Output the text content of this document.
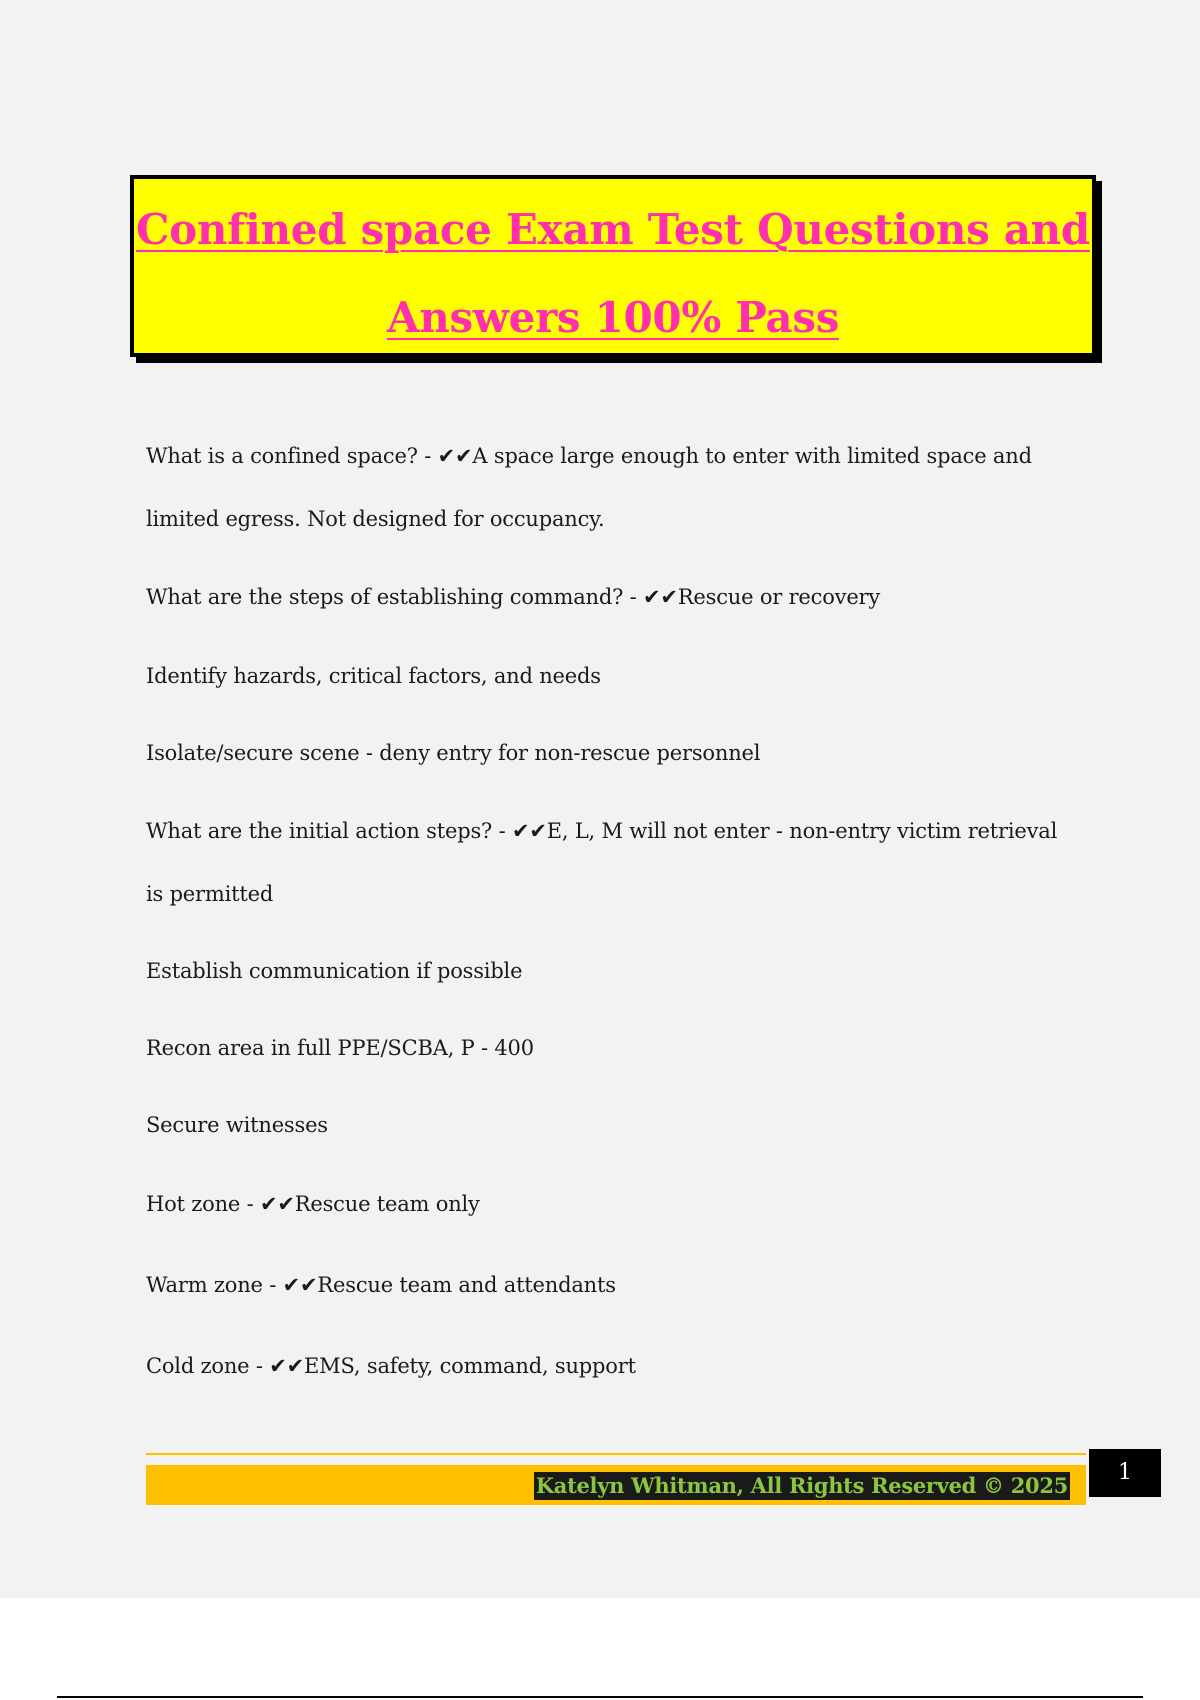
Confined space Exam Test Questions and
Answers 100% Pass

What is a confined space? - ✔✔A space large enough to enter with limited space and

limited egress. Not designed for occupancy.

What are the steps of establishing command? - ✔✔Rescue or recovery

Identify hazards, critical factors, and needs

Isolate/secure scene - deny entry for non-rescue personnel

What are the initial action steps? - ✔✔E, L, M will not enter - non-entry victim retrieval

is permitted

Establish communication if possible

Recon area in full PPE/SCBA, P - 400

Secure witnesses

Hot zone - ✔✔Rescue team only

Warm zone - ✔✔Rescue team and attendants

Cold zone - ✔✔EMS, safety, command, support

Katelyn Whitman, All Rights Reserved © 2025
1
